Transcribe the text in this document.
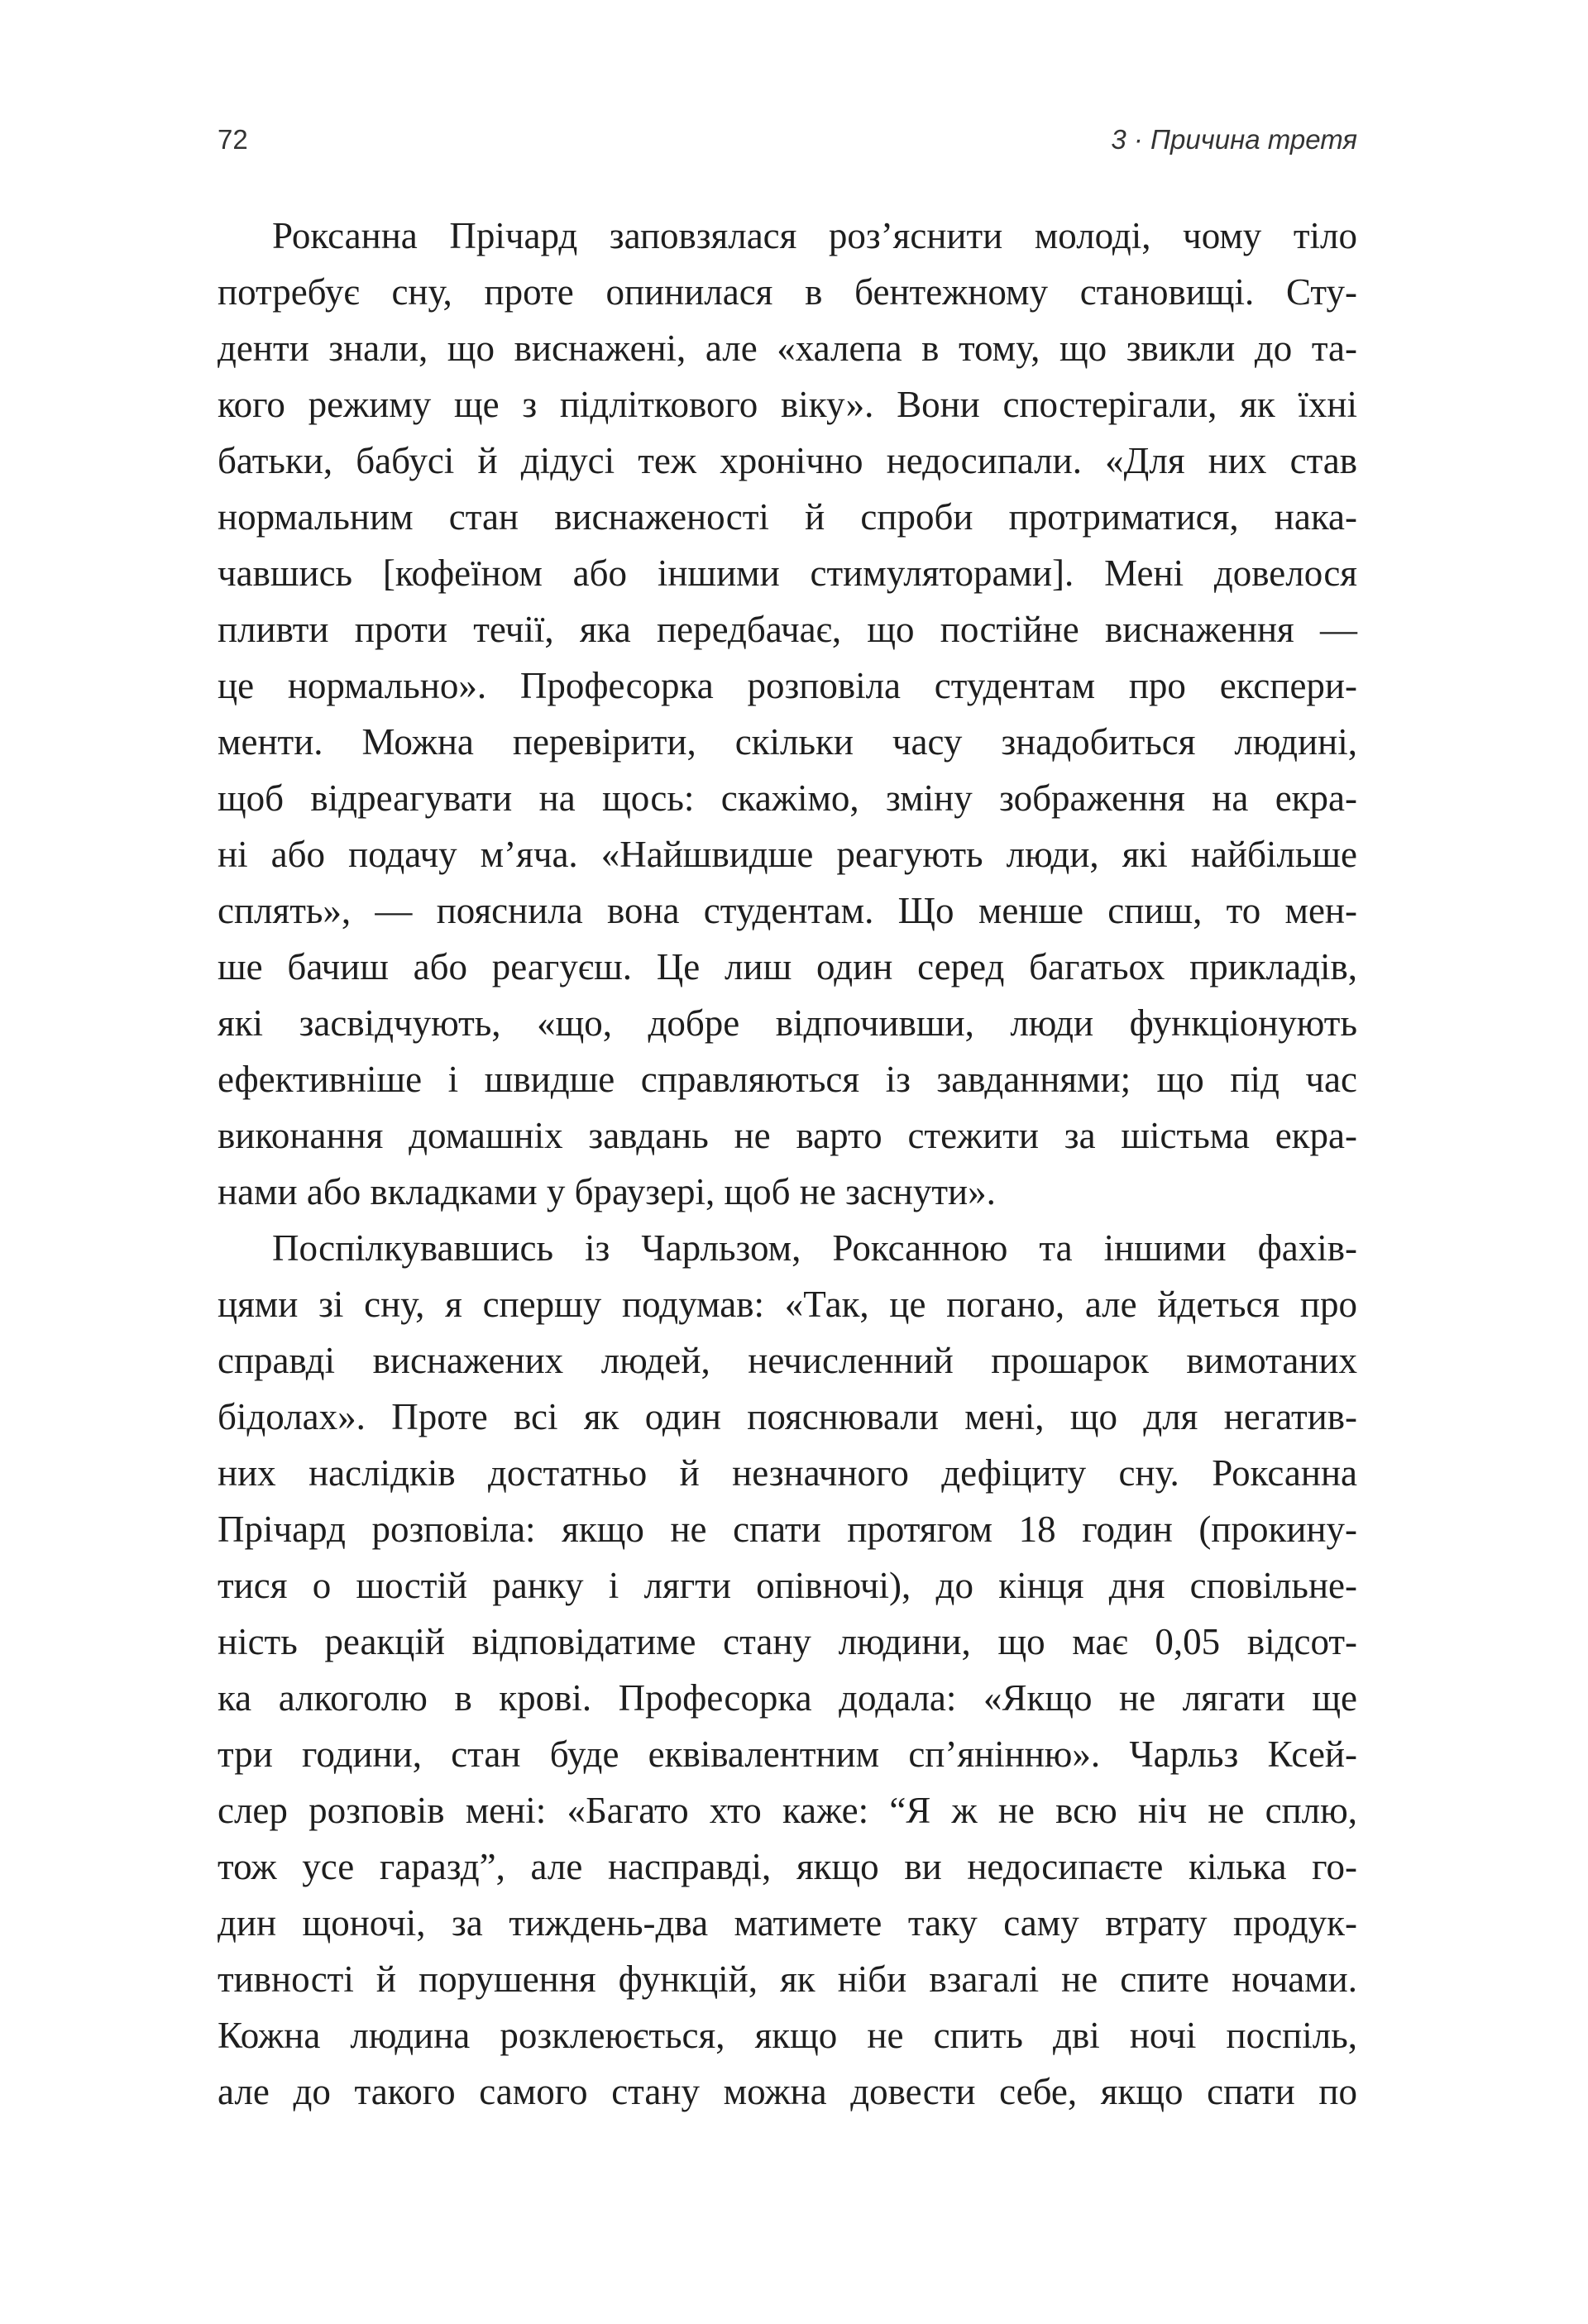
72	3 · Причина третя
Роксанна Прічард заповзялася роз’яснити молоді, чому тіло
потребує сну, проте опинилася в бентежному становищі. Сту-
денти знали, що виснажені, але «халепа в тому, що звикли до та-
кого режиму ще з підліткового віку». Вони спостерігали, як їхні
батьки, бабусі й дідусі теж хронічно недосипали. «Для них став
нормальним стан виснаженості й спроби протриматися, нака-
чавшись [кофеїном або іншими стимуляторами]. Мені довелося
пливти проти течії, яка передбачає, що постійне виснаження —
це нормально». Професорка розповіла студентам про експери-
менти. Можна перевірити, скільки часу знадобиться людині,
щоб відреагувати на щось: скажімо, зміну зображення на екра-
ні або подачу м’яча. «Найшвидше реагують люди, які найбільше
сплять», — пояснила вона студентам. Що менше спиш, то мен-
ше бачиш або реагуєш. Це лиш один серед багатьох прикладів,
які засвідчують, «що, добре відпочивши, люди функціонують
ефективніше і швидше справляються із завданнями; що під час
виконання домашніх завдань не варто стежити за шістьма екра-
нами або вкладками у браузері, щоб не заснути».
Поспілкувавшись із Чарльзом, Роксанною та іншими фахів-
цями зі сну, я спершу подумав: «Так, це погано, але йдеться про
справді виснажених людей, нечисленний прошарок вимотаних
бідолах». Проте всі як один пояснювали мені, що для негатив-
них наслідків достатньо й незначного дефіциту сну. Роксанна
Прічард розповіла: якщо не спати протягом 18 годин (прокину-
тися о шостій ранку і лягти опівночі), до кінця дня сповільне-
ність реакцій відповідатиме стану людини, що має 0,05 відсот-
ка алкоголю в крові. Професорка додала: «Якщо не лягати ще
три години, стан буде еквівалентним сп’янінню». Чарльз Ксей-
слер розповів мені: «Багато хто каже: “Я ж не всю ніч не сплю,
тож усе гаразд”, але насправді, якщо ви недосипаєте кілька го-
дин щоночі, за тиждень-два матимете таку саму втрату продук-
тивності й порушення функцій, як ніби взагалі не спите ночами.
Кожна людина розклеюється, якщо не спить дві ночі поспіль,
але до такого самого стану можна довести себе, якщо спати по
